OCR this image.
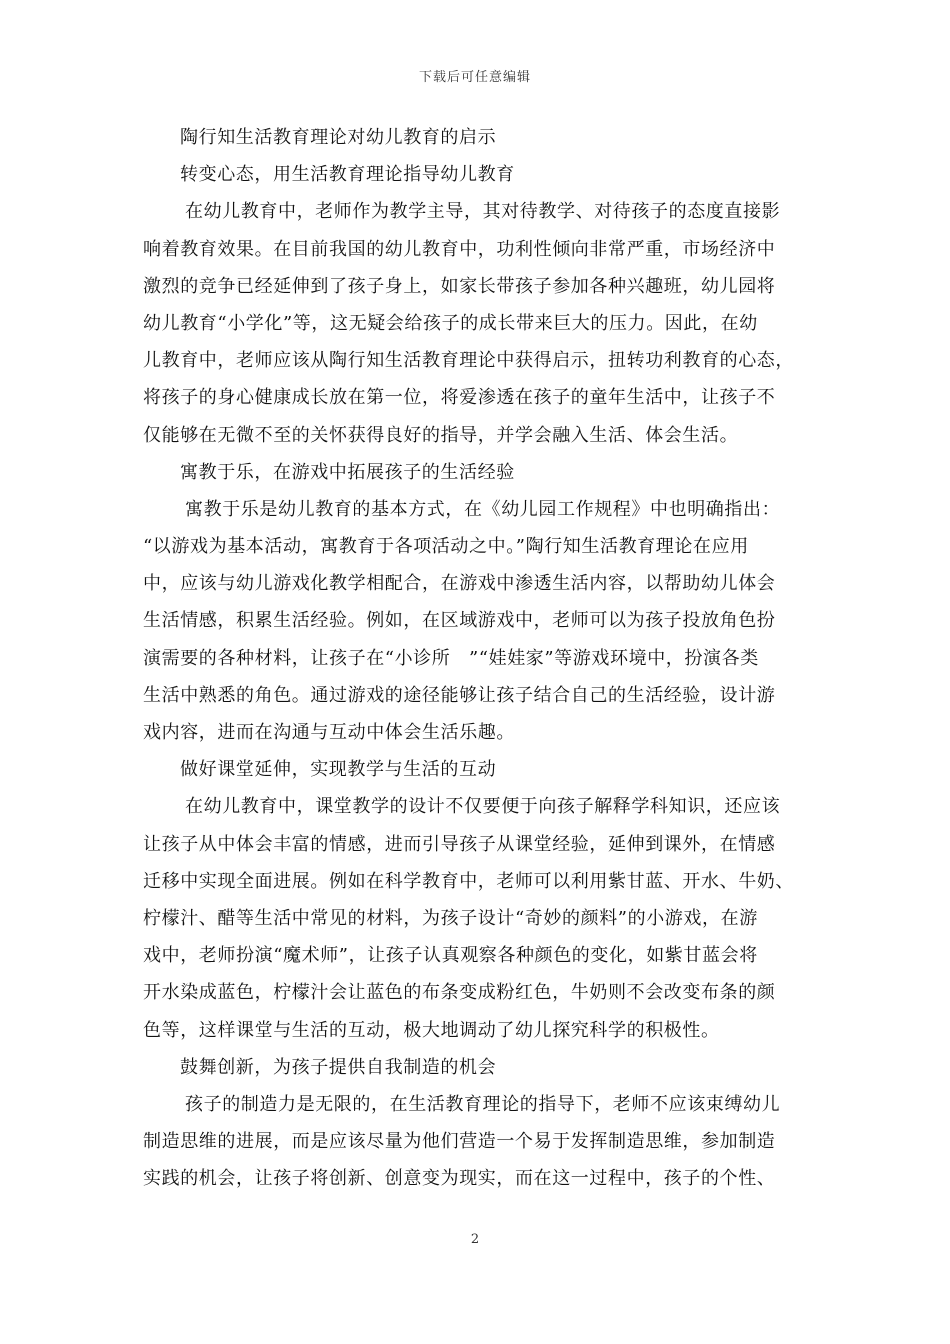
下载后可任意编辑
陶行知生活教育理论对幼儿教育的启示
转变心态，用生活教育理论指导幼儿教育
在幼儿教育中，老师作为教学主导，其对待教学、对待孩子的态度直接影
响着教育效果。在目前我国的幼儿教育中，功利性倾向非常严重，市场经济中
激烈的竞争已经延伸到了孩子身上，如家长带孩子参加各种兴趣班，幼儿园将
幼儿教育“小学化”等，这无疑会给孩子的成长带来巨大的压力。因此，在幼
儿教育中，老师应该从陶行知生活教育理论中获得启示，扭转功利教育的心态，
将孩子的身心健康成长放在第一位，将爱渗透在孩子的童年生活中，让孩子不
仅能够在无微不至的关怀获得良好的指导，并学会融入生活、体会生活。
寓教于乐，在游戏中拓展孩子的生活经验
寓教于乐是幼儿教育的基本方式，在《幼儿园工作规程》中也明确指出：
“以游戏为基本活动，寓教育于各项活动之中。”陶行知生活教育理论在应用
中，应该与幼儿游戏化教学相配合，在游戏中渗透生活内容，以帮助幼儿体会
生活情感，积累生活经验。例如，在区域游戏中，老师可以为孩子投放角色扮
演需要的各种材料，让孩子在“小诊所　”“娃娃家”等游戏环境中，扮演各类
生活中熟悉的角色。通过游戏的途径能够让孩子结合自己的生活经验，设计游
戏内容，进而在沟通与互动中体会生活乐趣。
做好课堂延伸，实现教学与生活的互动
在幼儿教育中，课堂教学的设计不仅要便于向孩子解释学科知识，还应该
让孩子从中体会丰富的情感，进而引导孩子从课堂经验，延伸到课外，在情感
迁移中实现全面进展。例如在科学教育中，老师可以利用紫甘蓝、开水、牛奶、
柠檬汁、醋等生活中常见的材料，为孩子设计“奇妙的颜料”的小游戏，在游
戏中，老师扮演“魔术师”，让孩子认真观察各种颜色的变化，如紫甘蓝会将
开水染成蓝色，柠檬汁会让蓝色的布条变成粉红色，牛奶则不会改变布条的颜
色等，这样课堂与生活的互动，极大地调动了幼儿探究科学的积极性。
鼓舞创新，为孩子提供自我制造的机会
孩子的制造力是无限的，在生活教育理论的指导下，老师不应该束缚幼儿
制造思维的进展，而是应该尽量为他们营造一个易于发挥制造思维，参加制造
实践的机会，让孩子将创新、创意变为现实，而在这一过程中，孩子的个性、
2
